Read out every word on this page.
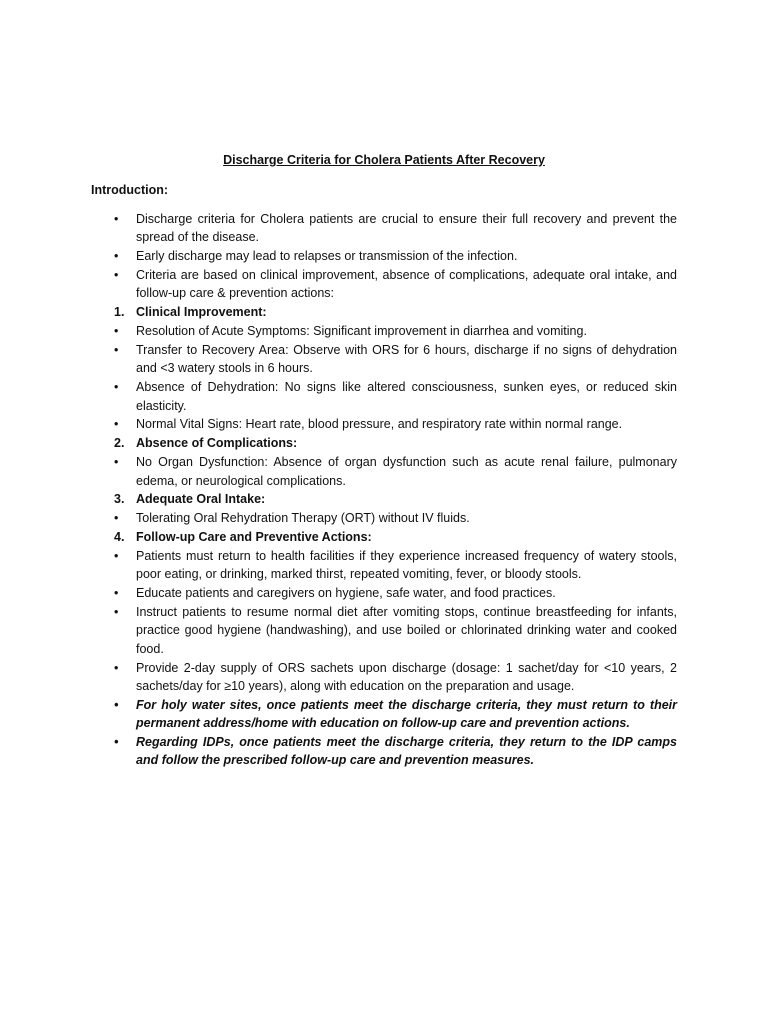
Discharge Criteria for Cholera Patients After Recovery
Introduction:
•	Discharge criteria for Cholera patients are crucial to ensure their full recovery and prevent the spread of the disease.
•	Early discharge may lead to relapses or transmission of the infection.
•	Criteria are based on clinical improvement, absence of complications, adequate oral intake, and follow-up care & prevention actions:
1. Clinical Improvement:
•	Resolution of Acute Symptoms: Significant improvement in diarrhea and vomiting.
•	Transfer to Recovery Area: Observe with ORS for 6 hours, discharge if no signs of dehydration and <3 watery stools in 6 hours.
•	Absence of Dehydration: No signs like altered consciousness, sunken eyes, or reduced skin elasticity.
•	Normal Vital Signs: Heart rate, blood pressure, and respiratory rate within normal range.
2. Absence of Complications:
•	No Organ Dysfunction: Absence of organ dysfunction such as acute renal failure, pulmonary edema, or neurological complications.
3. Adequate Oral Intake:
•	Tolerating Oral Rehydration Therapy (ORT) without IV fluids.
4. Follow-up Care and Preventive Actions:
•	Patients must return to health facilities if they experience increased frequency of watery stools, poor eating, or drinking, marked thirst, repeated vomiting, fever, or bloody stools.
•	Educate patients and caregivers on hygiene, safe water, and food practices.
•	Instruct patients to resume normal diet after vomiting stops, continue breastfeeding for infants, practice good hygiene (handwashing), and use boiled or chlorinated drinking water and cooked food.
•	Provide 2-day supply of ORS sachets upon discharge (dosage: 1 sachet/day for <10 years, 2 sachets/day for ≥10 years), along with education on the preparation and usage.
•	For holy water sites, once patients meet the discharge criteria, they must return to their permanent address/home with education on follow-up care and prevention actions.
•	Regarding IDPs, once patients meet the discharge criteria, they return to the IDP camps and follow the prescribed follow-up care and prevention measures.
